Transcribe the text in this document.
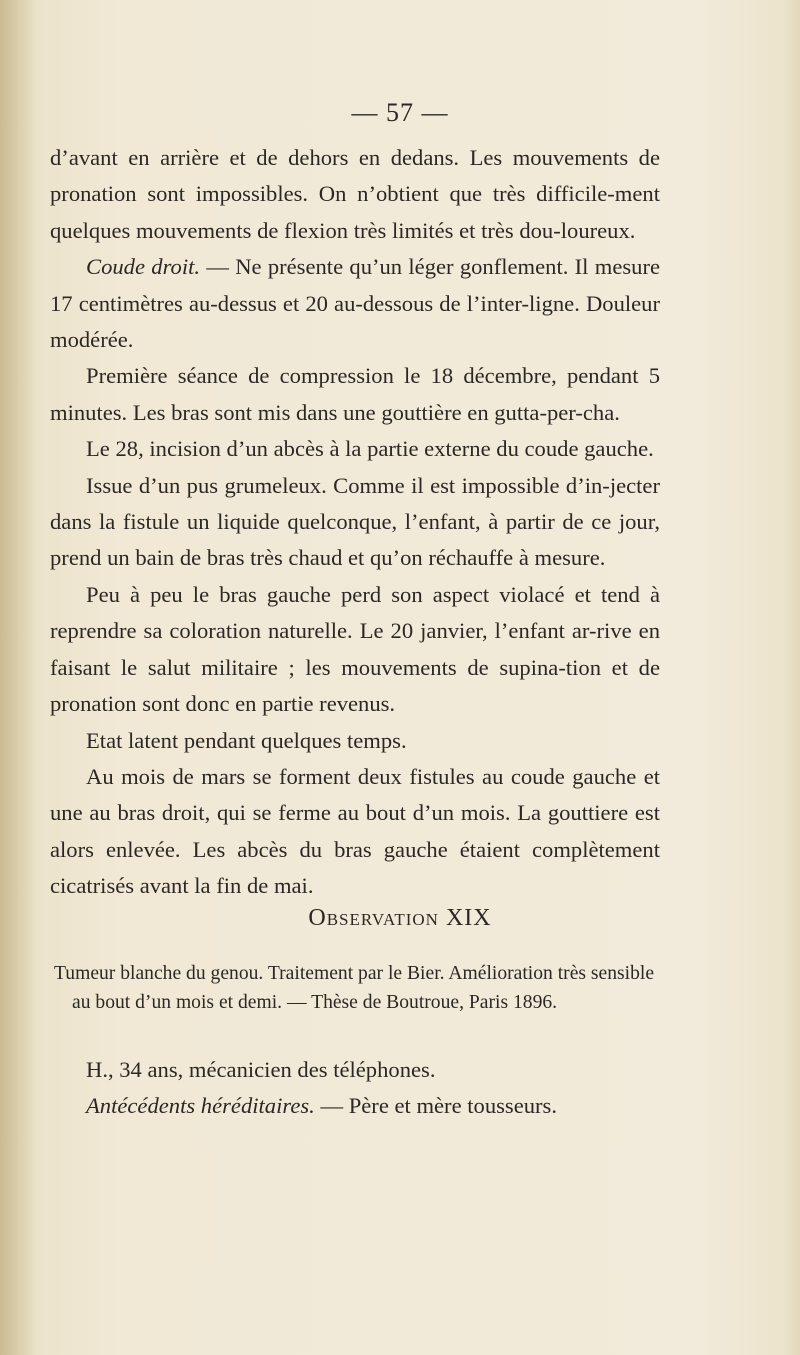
— 57 —

d’avant en arrière et de dehors en dedans. Les mouvements de pronation sont impossibles. On n’obtient que très difficile-ment quelques mouvements de flexion très limités et très dou-loureux.

Coude droit. — Ne présente qu’un léger gonflement. Il mesure 17 centimètres au-dessus et 20 au-dessous de l’inter-ligne. Douleur modérée.

Première séance de compression le 18 décembre, pendant 5 minutes. Les bras sont mis dans une gouttière en gutta-per-cha.

Le 28, incision d’un abcès à la partie externe du coude gauche.

Issue d’un pus grumeleux. Comme il est impossible d’in-jecter dans la fistule un liquide quelconque, l’enfant, à partir de ce jour, prend un bain de bras très chaud et qu’on réchauffe à mesure.

Peu à peu le bras gauche perd son aspect violacé et tend à reprendre sa coloration naturelle. Le 20 janvier, l’enfant ar-rive en faisant le salut militaire ; les mouvements de supina-tion et de pronation sont donc en partie revenus.

Etat latent pendant quelques temps.

Au mois de mars se forment deux fistules au coude gauche et une au bras droit, qui se ferme au bout d’un mois. La gouttiere est alors enlevée. Les abcès du bras gauche étaient complètement cicatrisés avant la fin de mai.

Observation XIX

Tumeur blanche du genou. Traitement par le Bier. Amélioration très sensible au bout d’un mois et demi. — Thèse de Boutroue, Paris 1896.

H., 34 ans, mécanicien des téléphones.

Antécédents héréditaires. — Père et mère tousseurs.
